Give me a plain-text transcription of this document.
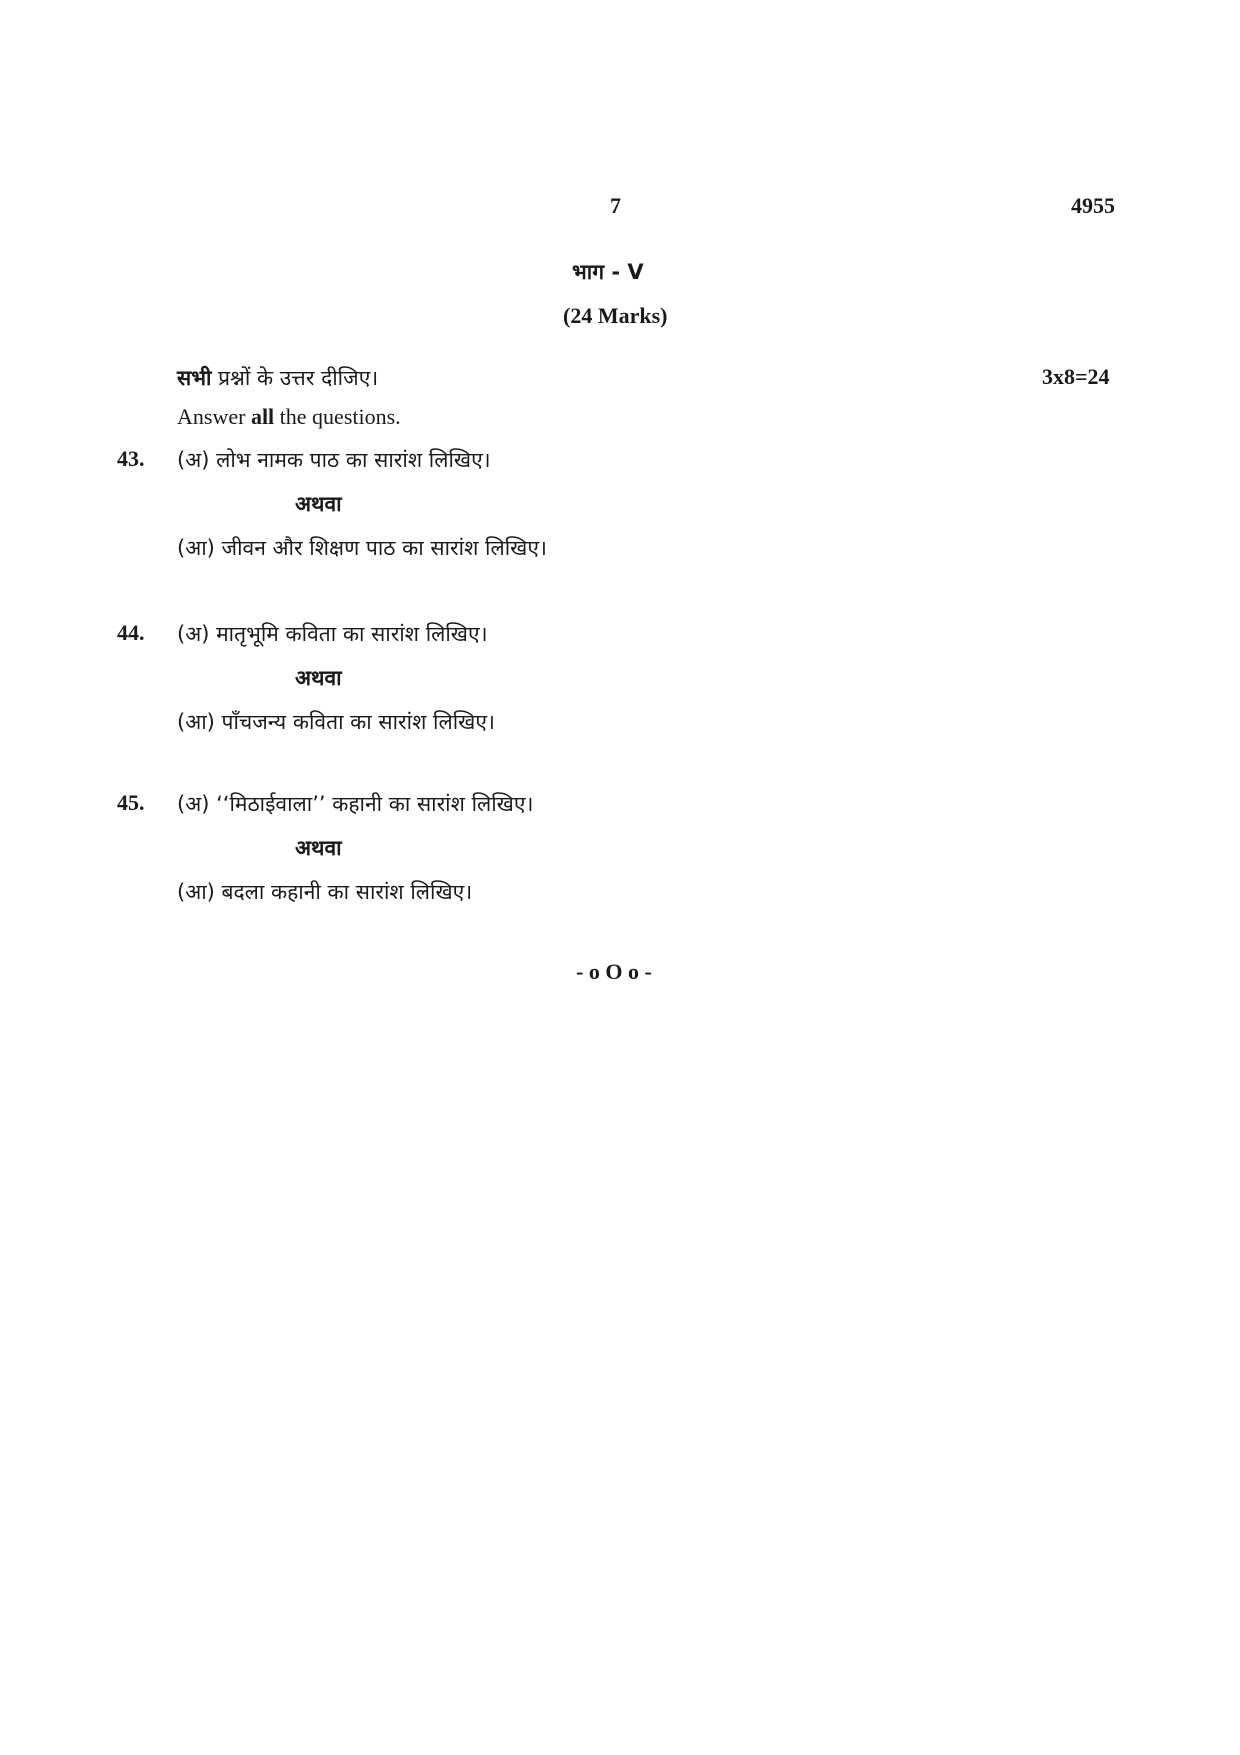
7	4955
भाग - V
(24 Marks)
सभी प्रश्नों के उत्तर दीजिए।	3x8=24
Answer all the questions.
43. (अ) लोभ नामक पाठ का सारांश लिखिए।
अथवा
(आ) जीवन और शिक्षण पाठ का सारांश लिखिए।
44. (अ) मातृभूमि कविता का सारांश लिखिए।
अथवा
(आ) पाँचजन्य कविता का सारांश लिखिए।
45. (अ) ‘‘मिठाईवाला’’ कहानी का सारांश लिखिए।
अथवा
(आ) बदला कहानी का सारांश लिखिए।
- o O o -
